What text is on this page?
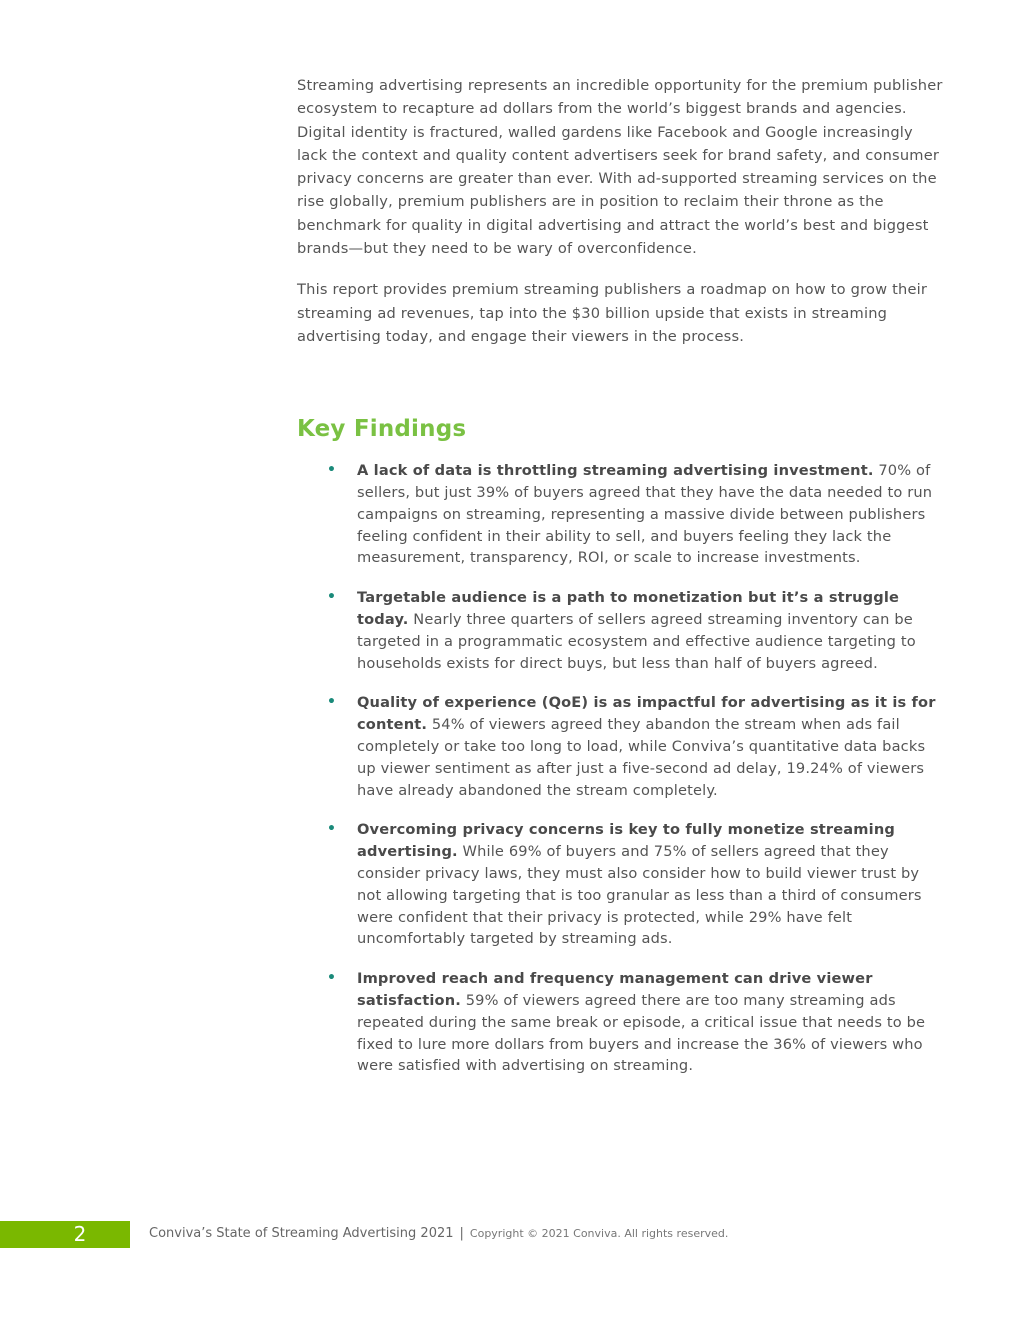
Streaming advertising represents an incredible opportunity for the premium publisher ecosystem to recapture ad dollars from the world’s biggest brands and agencies. Digital identity is fractured, walled gardens like Facebook and Google increasingly lack the context and quality content advertisers seek for brand safety, and consumer privacy concerns are greater than ever. With ad-supported streaming services on the rise globally, premium publishers are in position to reclaim their throne as the benchmark for quality in digital advertising and attract the world’s best and biggest brands—but they need to be wary of overconfidence.

This report provides premium streaming publishers a roadmap on how to grow their streaming ad revenues, tap into the $30 billion upside that exists in streaming advertising today, and engage their viewers in the process.

Key Findings
• A lack of data is throttling streaming advertising investment. 70% of sellers, but just 39% of buyers agreed that they have the data needed to run campaigns on streaming, representing a massive divide between publishers feeling confident in their ability to sell, and buyers feeling they lack the measurement, transparency, ROI, or scale to increase investments.
• Targetable audience is a path to monetization but it’s a struggle today. Nearly three quarters of sellers agreed streaming inventory can be targeted in a programmatic ecosystem and effective audience targeting to households exists for direct buys, but less than half of buyers agreed.
• Quality of experience (QoE) is as impactful for advertising as it is for content. 54% of viewers agreed they abandon the stream when ads fail completely or take too long to load, while Conviva’s quantitative data backs up viewer sentiment as after just a five-second ad delay, 19.24% of viewers have already abandoned the stream completely.
• Overcoming privacy concerns is key to fully monetize streaming advertising. While 69% of buyers and 75% of sellers agreed that they consider privacy laws, they must also consider how to build viewer trust by not allowing targeting that is too granular as less than a third of consumers were confident that their privacy is protected, while 29% have felt uncomfortably targeted by streaming ads.
• Improved reach and frequency management can drive viewer satisfaction. 59% of viewers agreed there are too many streaming ads repeated during the same break or episode, a critical issue that needs to be fixed to lure more dollars from buyers and increase the 36% of viewers who were satisfied with advertising on streaming.
2	Conviva’s State of Streaming Advertising 2021 | Copyright © 2021 Conviva. All rights reserved.
